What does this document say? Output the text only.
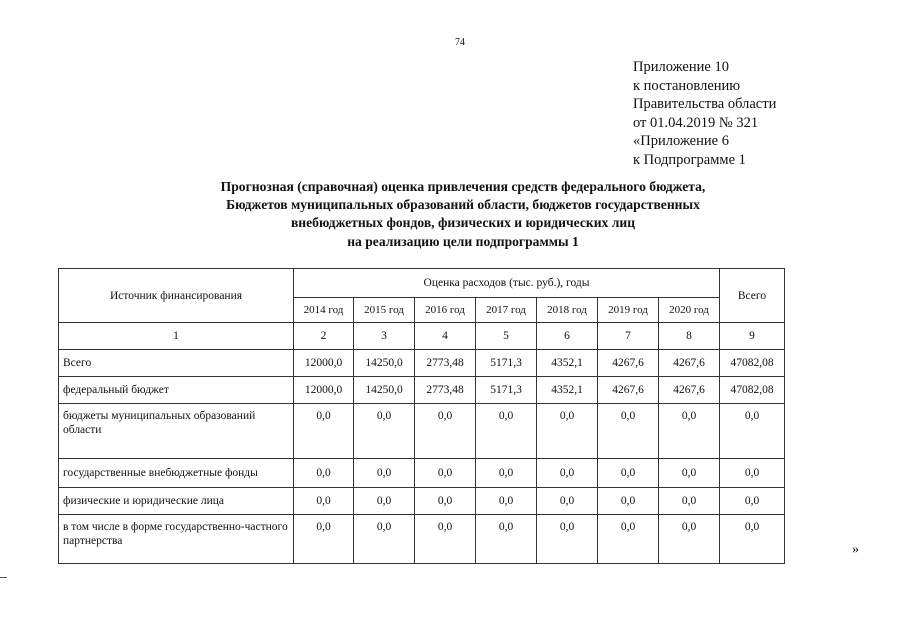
74
Приложение 10
к постановлению
Правительства области
от 01.04.2019 № 321
«Приложение 6
к Подпрограмме 1
Прогнозная (справочная) оценка привлечения средств федерального бюджета,
Бюджетов муниципальных образований области, бюджетов государственных
внебюджетных фондов, физических и юридических лиц
на реализацию цели подпрограммы 1
Источник финансирования	Оценка расходов (тыс. руб.), годы							Всего
	2014 год	2015 год	2016 год	2017 год	2018 год	2019 год	2020 год	
1	2	3	4	5	6	7	8	9
Всего	12000,0	14250,0	2773,48	5171,3	4352,1	4267,6	4267,6	47082,08
федеральный бюджет	12000,0	14250,0	2773,48	5171,3	4352,1	4267,6	4267,6	47082,08
бюджеты муниципальных образований области	0,0	0,0	0,0	0,0	0,0	0,0	0,0	0,0
государственные внебюджетные фонды	0,0	0,0	0,0	0,0	0,0	0,0	0,0	0,0
физические и юридические лица	0,0	0,0	0,0	0,0	0,0	0,0	0,0	0,0
в том числе в форме государственно-частного партнерства	0,0	0,0	0,0	0,0	0,0	0,0	0,0	0,0
»
